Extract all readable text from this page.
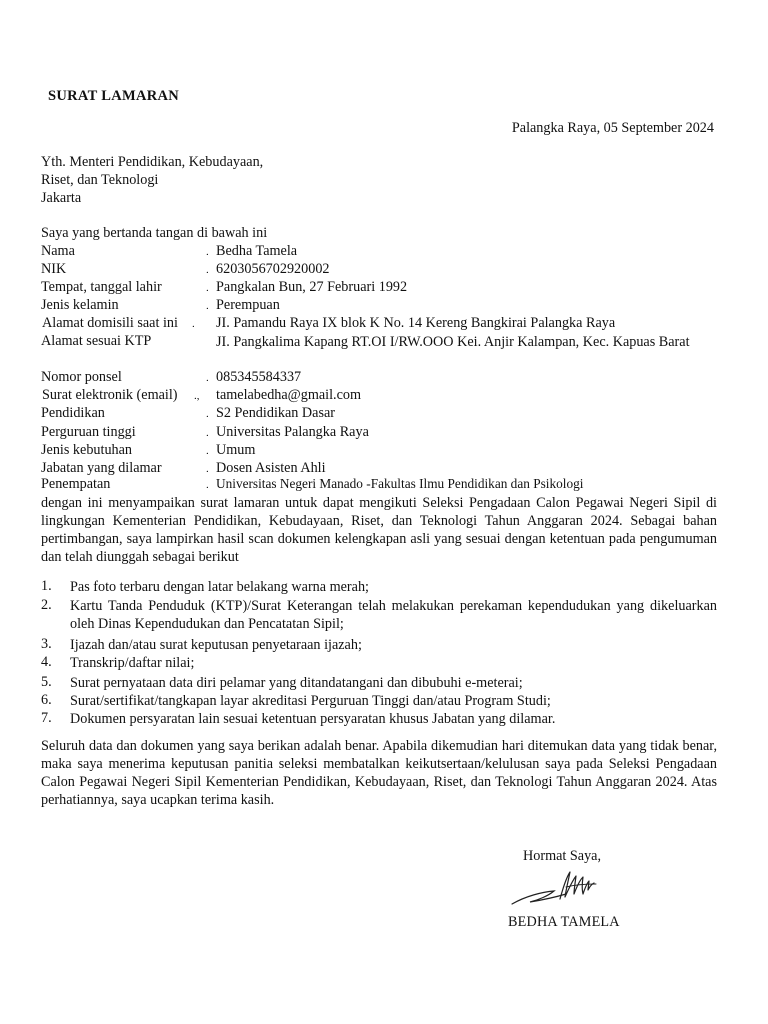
SURAT LAMARAN
Palangka Raya, 05 September 2024
Yth. Menteri Pendidikan, Kebudayaan,
Riset, dan Teknologi
Jakarta
Saya yang bertanda tangan di bawah ini
Nama	. Bedha Tamela
NIK	. 6203056702920002
Tempat, tanggal lahir	. Pangkalan Bun, 27 Februari 1992
Jenis kelamin	. Perempuan
Alamat domisili saat ini . JI. Pamandu Raya IX blok K No. 14 Kereng Bangkirai Palangka Raya
Alamat sesuai KTP	JI. Pangkalima Kapang RT.OI I/RW.OOO Kei. Anjir Kalampan, Kec. Kapuas Barat
Nomor ponsel	. 085345584337
Surat elektronik (email) ., tamelabedha@gmail.com
Pendidikan	. S2 Pendidikan Dasar
Perguruan tinggi	. Universitas Palangka Raya
Jenis kebutuhan	. Umum
Jabatan yang dilamar	. Dosen Asisten Ahli
Penempatan	. Universitas Negeri Manado -Fakultas Ilmu Pendidikan dan Psikologi
dengan ini menyampaikan surat lamaran untuk dapat mengikuti Seleksi Pengadaan Calon Pegawai Negeri Sipil di lingkungan Kementerian Pendidikan, Kebudayaan, Riset, dan Teknologi Tahun Anggaran 2024. Sebagai bahan pertimbangan, saya lampirkan hasil scan dokumen kelengkapan asli yang sesuai dengan ketentuan pada pengumuman dan telah diunggah sebagai berikut
1. Pas foto terbaru dengan latar belakang warna merah;
2. Kartu Tanda Penduduk (KTP)/Surat Keterangan telah melakukan perekaman kependudukan yang dikeluarkan oleh Dinas Kependudukan dan Pencatatan Sipil;
3. Ijazah dan/atau surat keputusan penyetaraan ijazah;
4. Transkrip/daftar nilai;
5. Surat pernyataan data diri pelamar yang ditandatangani dan dibubuhi e-meterai;
6. Surat/sertifikat/tangkapan layar akreditasi Perguruan Tinggi dan/atau Program Studi;
7. Dokumen persyaratan lain sesuai ketentuan persyaratan khusus Jabatan yang dilamar.
Seluruh data dan dokumen yang saya berikan adalah benar. Apabila dikemudian hari ditemukan data yang tidak benar, maka saya menerima keputusan panitia seleksi membatalkan keikutsertaan/kelulusan saya pada Seleksi Pengadaan Calon Pegawai Negeri Sipil Kementerian Pendidikan, Kebudayaan, Riset, dan Teknologi Tahun Anggaran 2024. Atas perhatiannya, saya ucapkan terima kasih.
Hormat Saya,
BEDHA TAMELA
